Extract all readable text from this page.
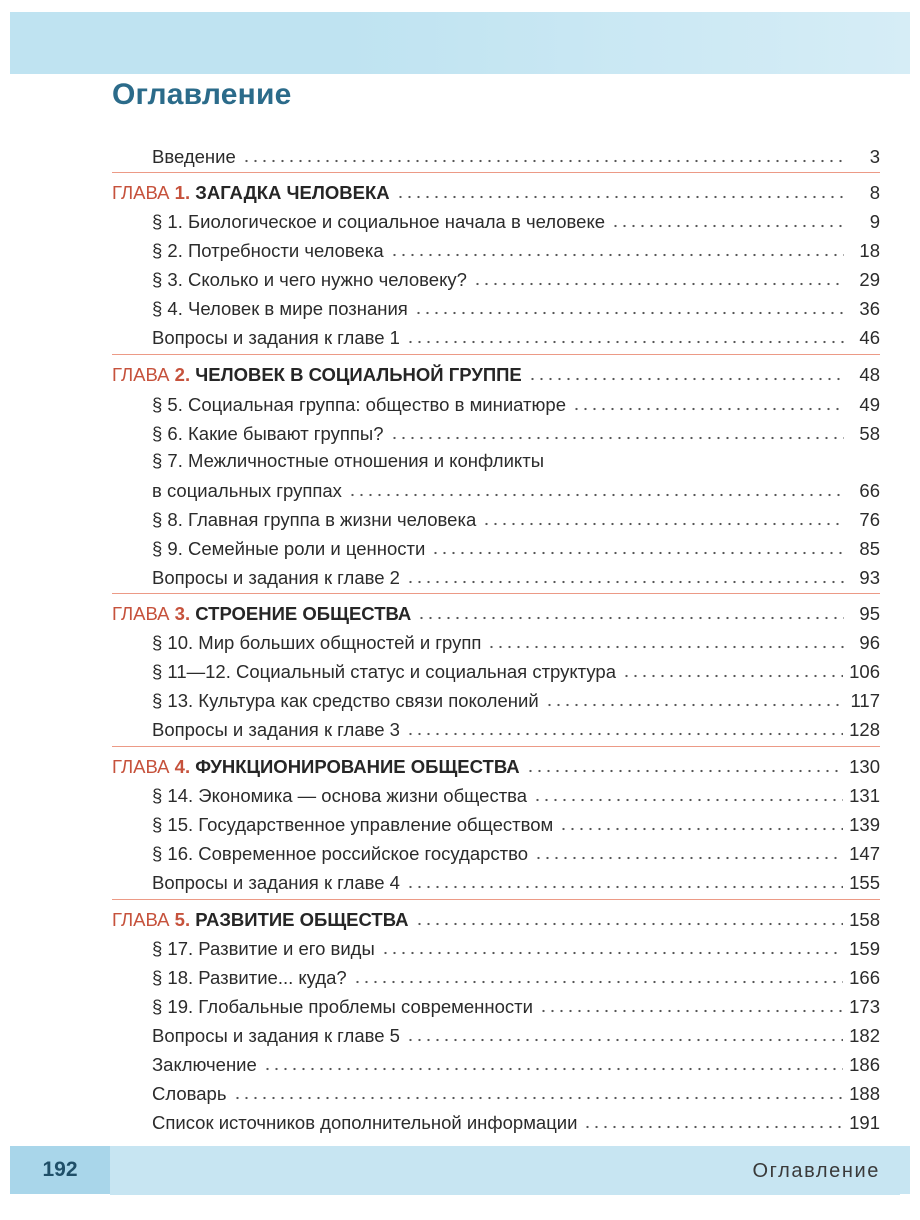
Оглавление
Введение	3
ГЛАВА 1. ЗАГАДКА ЧЕЛОВЕКА	8
§ 1. Биологическое и социальное начала в человеке	9
§ 2. Потребности человека	18
§ 3. Сколько и чего нужно человеку?	29
§ 4. Человек в мире познания	36
Вопросы и задания к главе 1	46
ГЛАВА 2. ЧЕЛОВЕК В СОЦИАЛЬНОЙ ГРУППЕ	48
§ 5. Социальная группа: общество в миниатюре	49
§ 6. Какие бывают группы?	58
§ 7. Межличностные отношения и конфликты
в социальных группах	66
§ 8. Главная группа в жизни человека	76
§ 9. Семейные роли и ценности	85
Вопросы и задания к главе 2	93
ГЛАВА 3. СТРОЕНИЕ ОБЩЕСТВА	95
§ 10. Мир больших общностей и групп	96
§ 11—12. Социальный статус и социальная структура	106
§ 13. Культура как средство связи поколений	117
Вопросы и задания к главе 3	128
ГЛАВА 4. ФУНКЦИОНИРОВАНИЕ ОБЩЕСТВА	130
§ 14. Экономика — основа жизни общества	131
§ 15. Государственное управление обществом	139
§ 16. Современное российское государство	147
Вопросы и задания к главе 4	155
ГЛАВА 5. РАЗВИТИЕ ОБЩЕСТВА	158
§ 17. Развитие и его виды	159
§ 18. Развитие... куда?	166
§ 19. Глобальные проблемы современности	173
Вопросы и задания к главе 5	182
Заключение	186
Словарь	188
Список источников дополнительной информации	191
192	Оглавление
